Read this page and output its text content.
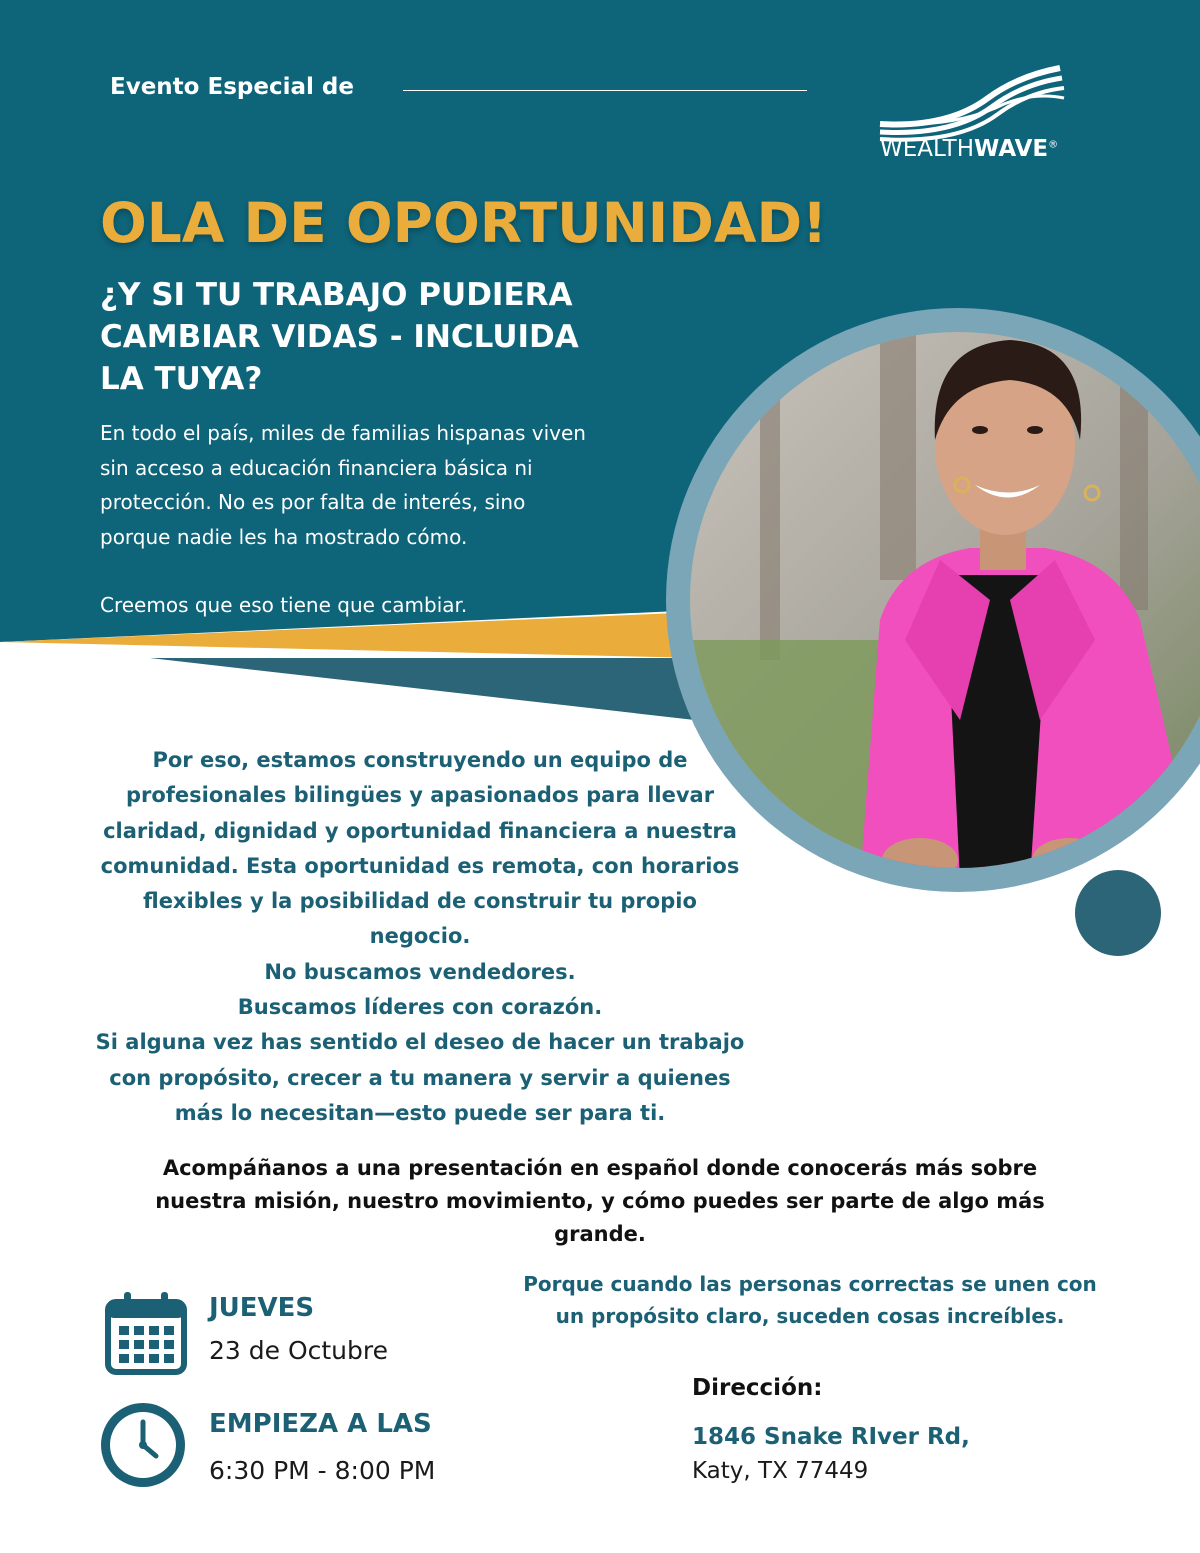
Evento Especial de
WEALTHWAVE®
OLA DE OPORTUNIDAD!
¿Y SI TU TRABAJO PUDIERA
CAMBIAR VIDAS - INCLUIDA
LA TUYA?
En todo el país, miles de familias hispanas viven
sin acceso a educación financiera básica ni
protección. No es por falta de interés, sino
porque nadie les ha mostrado cómo.
Creemos que eso tiene que cambiar.
Por eso, estamos construyendo un equipo de
profesionales bilingües y apasionados para llevar
claridad, dignidad y oportunidad financiera a nuestra
comunidad. Esta oportunidad es remota, con horarios
flexibles y la posibilidad de construir tu propio
negocio.
No buscamos vendedores.
Buscamos líderes con corazón.
Si alguna vez has sentido el deseo de hacer un trabajo
con propósito, crecer a tu manera y servir a quienes
más lo necesitan—esto puede ser para ti.
Acompáñanos a una presentación en español donde conocerás más sobre
nuestra misión, nuestro movimiento, y cómo puedes ser parte de algo más
grande.
Porque cuando las personas correctas se unen con
un propósito claro, suceden cosas increíbles.
JUEVES
23 de Octubre
EMPIEZA A LAS
6:30 PM - 8:00 PM
Dirección:
1846 Snake RIver Rd,
Katy, TX 77449
